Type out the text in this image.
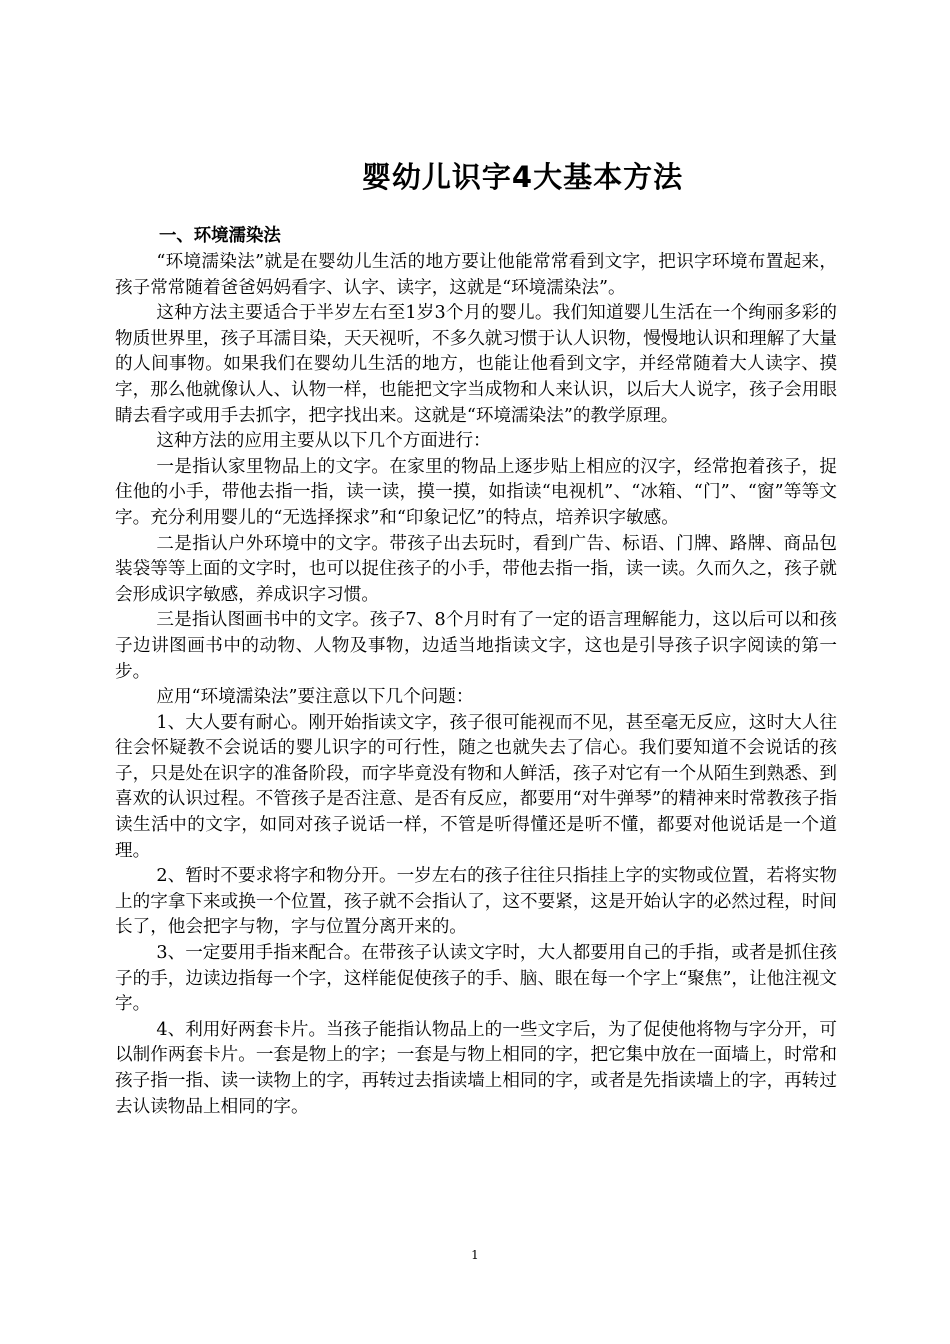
婴幼儿识字4大基本方法

一、环境濡染法

“环境濡染法”就是在婴幼儿生活的地方要让他能常常看到文字，把识字环境布置起来，孩子常常随着爸爸妈妈看字、认字、读字，这就是“环境濡染法”。

这种方法主要适合于半岁左右至1岁3个月的婴儿。我们知道婴儿生活在一个绚丽多彩的物质世界里，孩子耳濡目染，天天视听，不多久就习惯于认人识物，慢慢地认识和理解了大量的人间事物。如果我们在婴幼儿生活的地方，也能让他看到文字，并经常随着大人读字、摸字，那么他就像认人、认物一样，也能把文字当成物和人来认识，以后大人说字，孩子会用眼睛去看字或用手去抓字，把字找出来。这就是“环境濡染法”的教学原理。

这种方法的应用主要从以下几个方面进行：

一是指认家里物品上的文字。在家里的物品上逐步贴上相应的汉字，经常抱着孩子，捉住他的小手，带他去指一指，读一读，摸一摸，如指读“电视机”、“冰箱、“门”、“窗”等等文字。充分利用婴儿的“无选择探求”和“印象记忆”的特点，培养识字敏感。

二是指认户外环境中的文字。带孩子出去玩时，看到广告、标语、门牌、路牌、商品包装袋等等上面的文字时，也可以捉住孩子的小手，带他去指一指，读一读。久而久之，孩子就会形成识字敏感，养成识字习惯。

三是指认图画书中的文字。孩子7、8个月时有了一定的语言理解能力，这以后可以和孩子边讲图画书中的动物、人物及事物，边适当地指读文字，这也是引导孩子识字阅读的第一步。

应用“环境濡染法”要注意以下几个问题：

1、大人要有耐心。刚开始指读文字，孩子很可能视而不见，甚至毫无反应，这时大人往往会怀疑教不会说话的婴儿识字的可行性，随之也就失去了信心。我们要知道不会说话的孩子，只是处在识字的准备阶段，而字毕竟没有物和人鲜活，孩子对它有一个从陌生到熟悉、到喜欢的认识过程。不管孩子是否注意、是否有反应，都要用“对牛弹琴”的精神来时常教孩子指读生活中的文字，如同对孩子说话一样，不管是听得懂还是听不懂，都要对他说话是一个道理。

2、暂时不要求将字和物分开。一岁左右的孩子往往只指挂上字的实物或位置，若将实物上的字拿下来或换一个位置，孩子就不会指认了，这不要紧，这是开始认字的必然过程，时间长了，他会把字与物，字与位置分离开来的。

3、一定要用手指来配合。在带孩子认读文字时，大人都要用自己的手指，或者是抓住孩子的手，边读边指每一个字，这样能促使孩子的手、脑、眼在每一个字上“聚焦”，让他注视文字。

4、利用好两套卡片。当孩子能指认物品上的一些文字后，为了促使他将物与字分开，可以制作两套卡片。一套是物上的字；一套是与物上相同的字，把它集中放在一面墙上，时常和孩子指一指、读一读物上的字，再转过去指读墙上相同的字，或者是先指读墙上的字，再转过去认读物品上相同的字。

1
